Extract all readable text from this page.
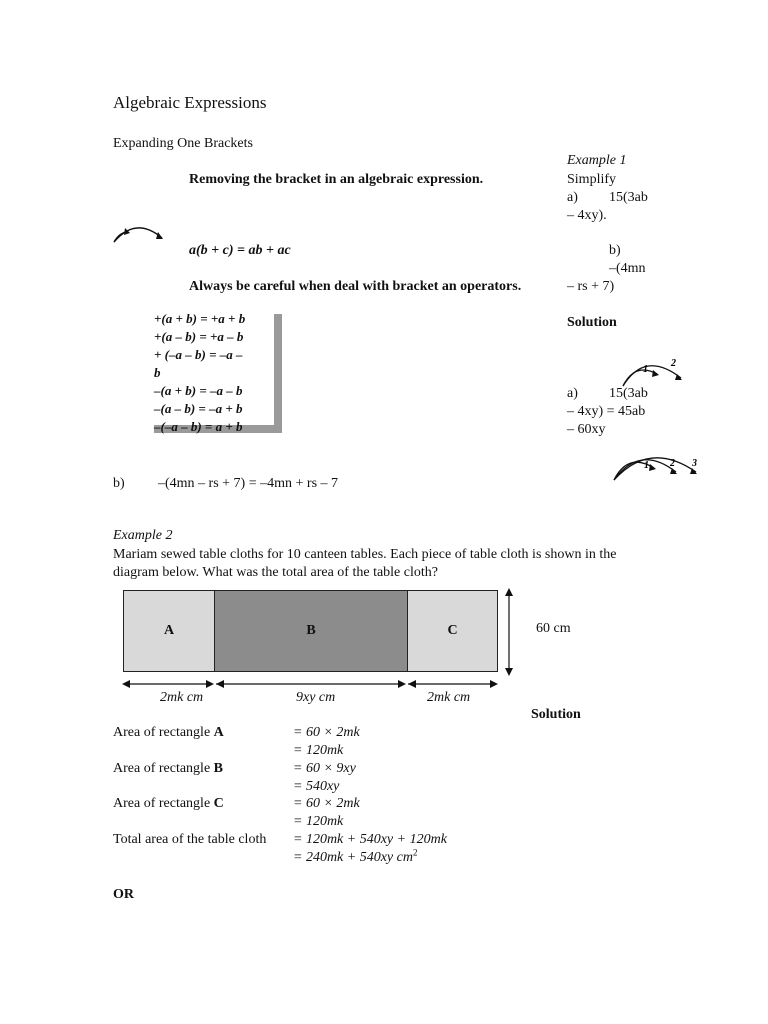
Algebraic Expressions
Expanding One Brackets
Removing the bracket in an algebraic expression.
a(b + c) = ab + ac
Always be careful when deal with bracket an operators.
+(a + b) = +a + b
+(a – b) = +a – b
+ (–a – b) = –a –
b
–(a + b) = –a – b
–(a – b) = –a + b
–(–a – b) = a + b
Example 1
Simplify
a) 15(3ab
– 4xy).
b)
–(4mn
– rs + 7)
Solution
1
2
a) 15(3ab
– 4xy) = 45ab
– 60xy
1 2 3
b) –(4mn – rs + 7) = –4mn + rs – 7
Example 2
Mariam sewed table cloths for 10 canteen tables. Each piece of table cloth is shown in the
diagram below. What was the total area of the table cloth?
A	B	C	60 cm
2mk cm	9xy cm	2mk cm
Solution
Area of rectangle A	= 60 × 2mk
= 120mk
Area of rectangle B	= 60 × 9xy
= 540xy
Area of rectangle C	= 60 × 2mk
= 120mk
Total area of the table cloth = 120mk + 540xy + 120mk
= 240mk + 540xy $cm^2$
OR
